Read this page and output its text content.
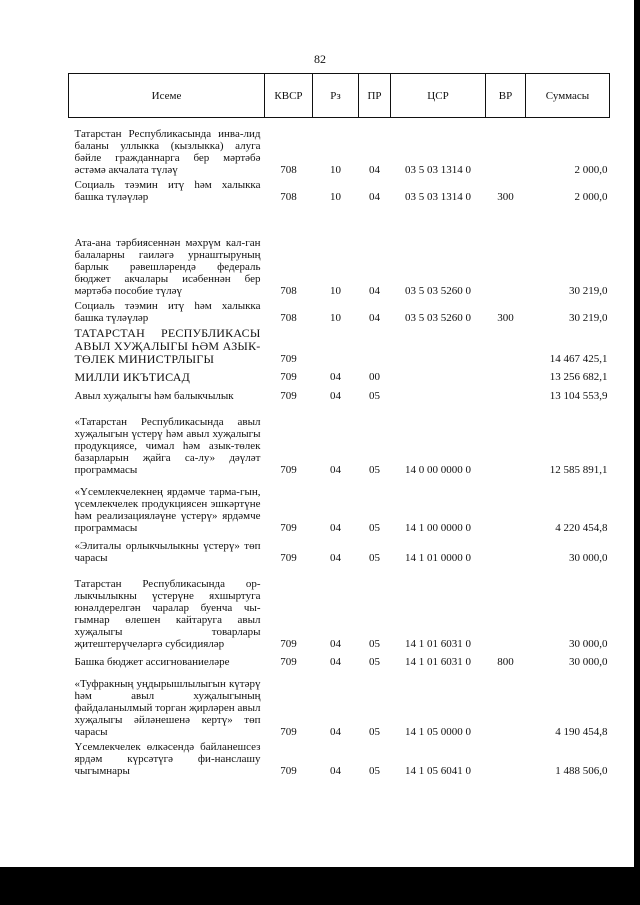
82
Исеме	КВСР	Рз	ПР	ЦСР	ВР	Суммасы
Татарстан Республикасында инва-лид баланы уллыкка (кызлыкка) алуга бәйле гражданнарга бер мәртәбә әстәмә акчалата түләү	708	10	04	03 5 03 1314 0		2 000,0
Социаль тәэмин итү һәм халыкка башка түләүләр	708	10	04	03 5 03 1314 0	300	2 000,0
Ата-ана тәрбиясеннән мәхрүм кал-ган балаларны гаиләгә урнаштыруның барлык рәвешләрендә федераль бюджет акчалары исәбеннән бер мәртәбә пособие түләү	708	10	04	03 5 03 5260 0		30 219,0
Социаль тәэмин итү һәм халыкка башка түләүләр	708	10	04	03 5 03 5260 0	300	30 219,0
ТАТАРСТАН РЕСПУБЛИКАСЫ АВЫЛ ХУҖАЛЫГЫ ҺӘМ АЗЫК-ТӨЛЕК МИНИСТРЛЫГЫ	709					14 467 425,1
МИЛЛИ ИКЪТИСАД	709	04	00			13 256 682,1
Авыл хуҗалыгы һәм балыкчылык	709	04	05			13 104 553,9
«Татарстан Республикасында авыл хуҗалыгын үстерү һәм авыл хуҗалыгы продукциясе, чимал һәм азык-төлек базарларын җайга са-лу» дәүләт программасы	709	04	05	14 0 00 0000 0		12 585 891,1
«Үсемлекчелекнең ярдәмче тарма-гын, үсемлекчелек продукциясен эшкәртүне һәм реализацияләүне үстерү» ярдәмче программасы	709	04	05	14 1 00 0000 0		4 220 454,8
«Элиталы орлыкчылыкны үстерү» төп чарасы	709	04	05	14 1 01 0000 0		30 000,0
Татарстан Республикасында ор-лыкчылыкны үстерүне яхшыртуга юнәлдерелгән чаралар буенча чы-гымнар өлешен кайтаруга авыл хуҗалыгы товарлары җитештерүчеләргә субсидияләр	709	04	05	14 1 01 6031 0		30 000,0
Башка бюджет ассигнованиеләре	709	04	05	14 1 01 6031 0	800	30 000,0
«Туфракның уңдырышлылыгын күтәрү һәм авыл хуҗалыгының файдаланылмый торган җирләрен авыл хуҗалыгы әйләнешенә кертү» төп чарасы	709	04	05	14 1 05 0000 0		4 190 454,8
Үсемлекчелек өлкәсендә байланешсез ярдәм күрсәтүгә фи-нанслашу чыгымнары	709	04	05	14 1 05 6041 0		1 488 506,0
